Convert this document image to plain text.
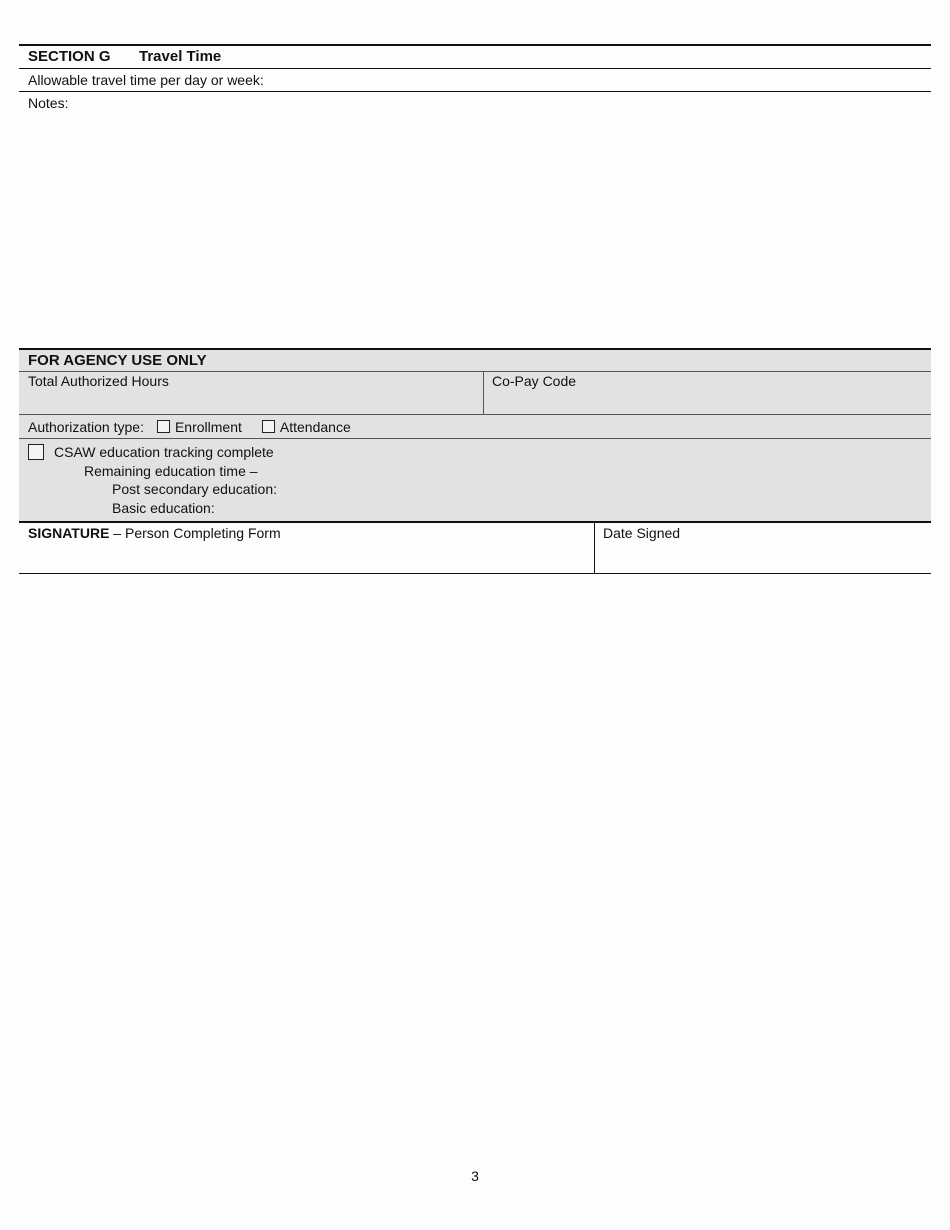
SECTION G Travel Time
Allowable travel time per day or week:
Notes:
FOR AGENCY USE ONLY
Total Authorized Hours	Co-Pay Code
Authorization type: Enrollment	Attendance
CSAW education tracking complete
Remaining education time –
Post secondary education:
Basic education:
SIGNATURE – Person Completing Form	Date Signed
3
